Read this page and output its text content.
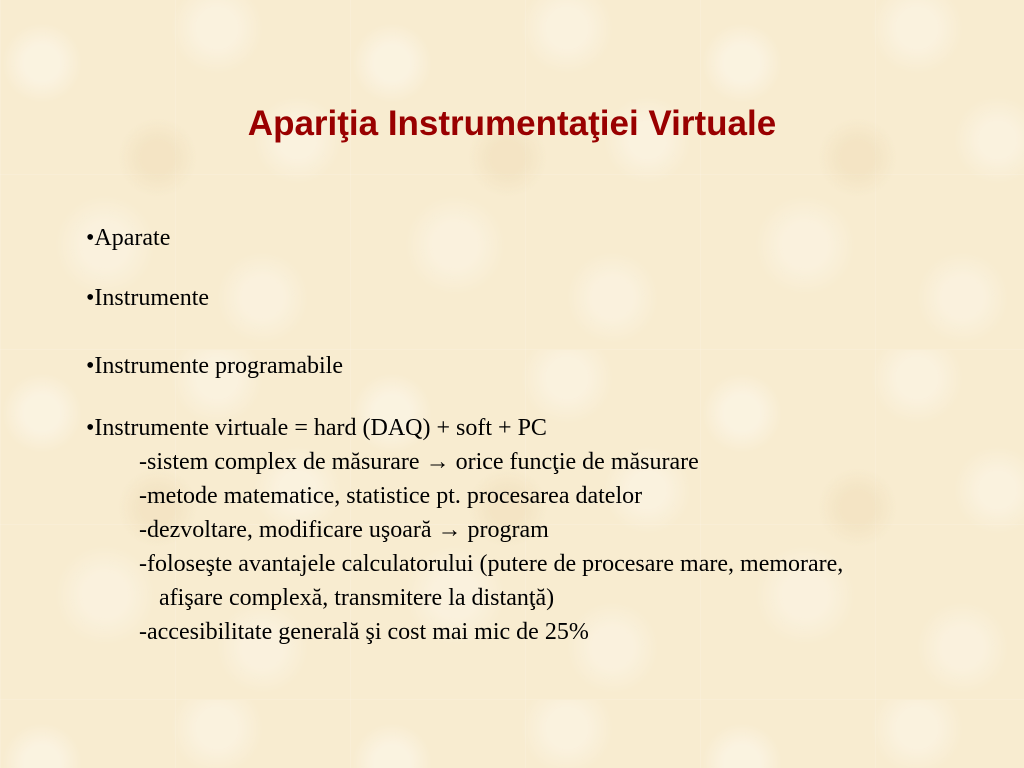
Apariţia Instrumentaţiei Virtuale
•Aparate
•Instrumente
•Instrumente programabile
•Instrumente virtuale = hard (DAQ) + soft + PC
-sistem complex de măsurare → orice funcţie de măsurare
-metode matematice, statistice pt. procesarea datelor
-dezvoltare, modificare uşoară → program
-foloseşte avantajele calculatorului (putere de procesare mare, memorare,
afişare complexă, transmitere la distanţă)
-accesibilitate generală şi cost mai mic de 25%
